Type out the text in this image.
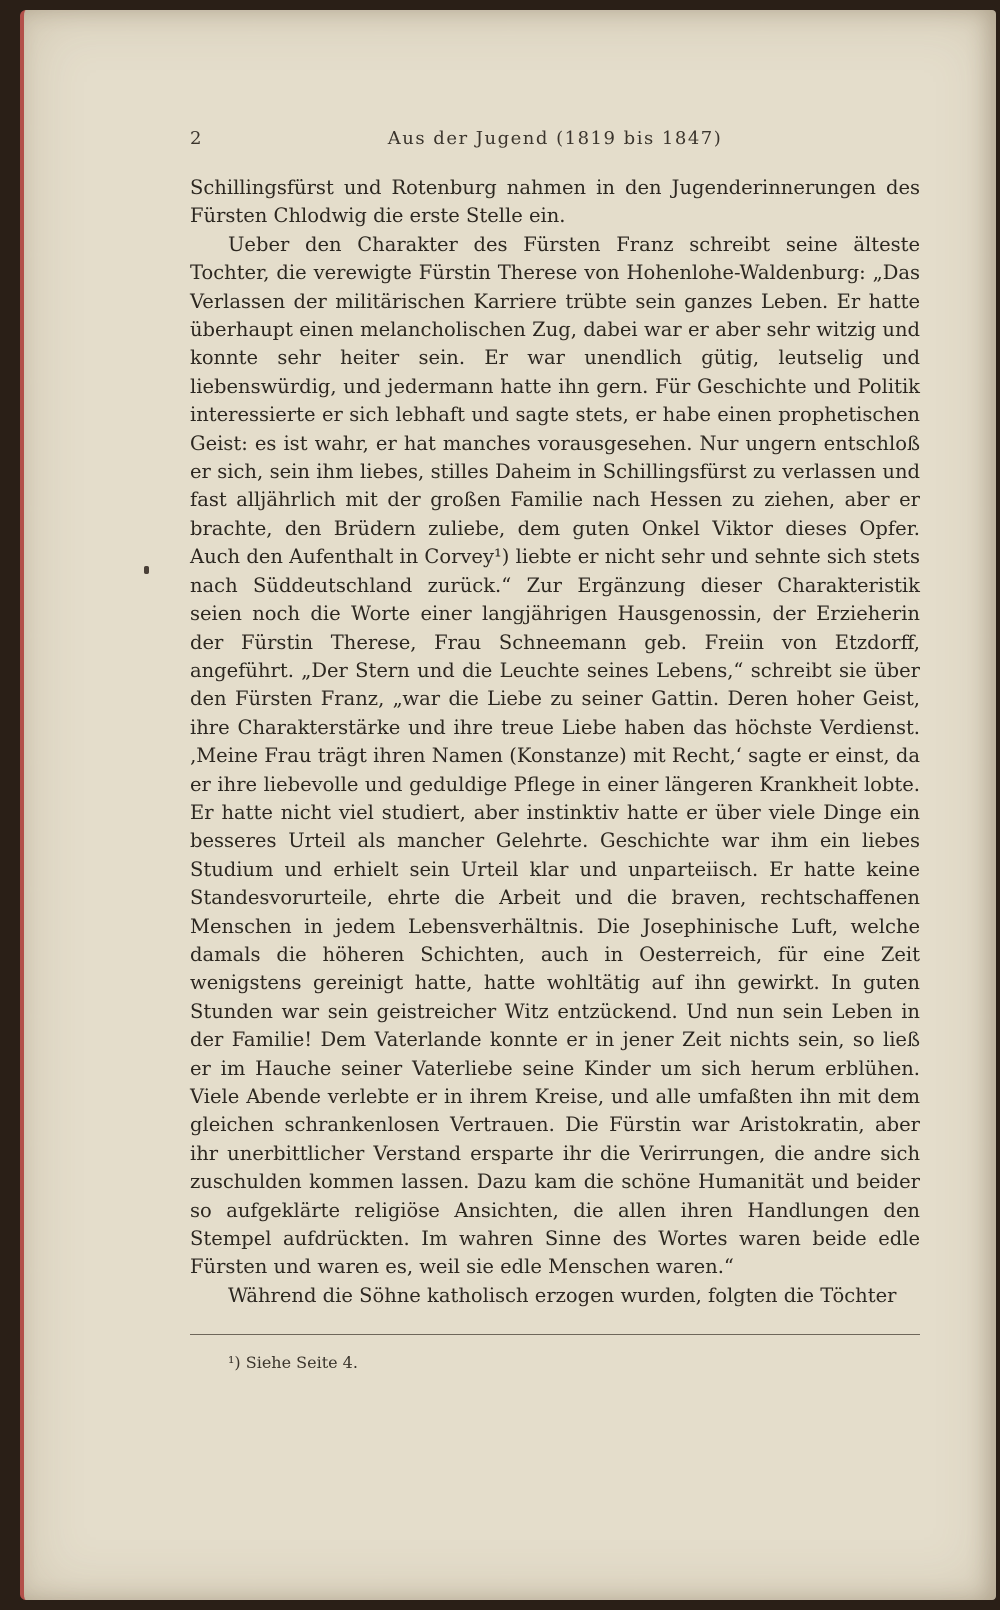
2	Aus der Jugend (1819 bis 1847)

Schillingsfürst und Rotenburg nahmen in den Jugenderinnerungen des Fürsten Chlodwig die erste Stelle ein.

Ueber den Charakter des Fürsten Franz schreibt seine älteste Tochter, die verewigte Fürstin Therese von Hohenlohe-Waldenburg: „Das Verlassen der militärischen Karriere trübte sein ganzes Leben. Er hatte überhaupt einen melancholischen Zug, dabei war er aber sehr witzig und konnte sehr heiter sein. Er war unendlich gütig, leutselig und liebenswürdig, und jedermann hatte ihn gern. Für Geschichte und Politik interessierte er sich lebhaft und sagte stets, er habe einen prophetischen Geist: es ist wahr, er hat manches vorausgesehen. Nur ungern entschloß er sich, sein ihm liebes, stilles Daheim in Schillingsfürst zu verlassen und fast alljährlich mit der großen Familie nach Hessen zu ziehen, aber er brachte, den Brüdern zuliebe, dem guten Onkel Viktor dieses Opfer. Auch den Aufenthalt in Corvey¹) liebte er nicht sehr und sehnte sich stets nach Süddeutschland zurück.“ Zur Ergänzung dieser Charakteristik seien noch die Worte einer langjährigen Hausgenossin, der Erzieherin der Fürstin Therese, Frau Schneemann geb. Freiin von Etzdorff, angeführt. „Der Stern und die Leuchte seines Lebens,“ schreibt sie über den Fürsten Franz, „war die Liebe zu seiner Gattin. Deren hoher Geist, ihre Charakterstärke und ihre treue Liebe haben das höchste Verdienst. ‚Meine Frau trägt ihren Namen (Konstanze) mit Recht,‘ sagte er einst, da er ihre liebevolle und geduldige Pflege in einer längeren Krankheit lobte. Er hatte nicht viel studiert, aber instinktiv hatte er über viele Dinge ein besseres Urteil als mancher Gelehrte. Geschichte war ihm ein liebes Studium und erhielt sein Urteil klar und unparteiisch. Er hatte keine Standesvorurteile, ehrte die Arbeit und die braven, rechtschaffenen Menschen in jedem Lebensverhältnis. Die Josephinische Luft, welche damals die höheren Schichten, auch in Oesterreich, für eine Zeit wenigstens gereinigt hatte, hatte wohltätig auf ihn gewirkt. In guten Stunden war sein geistreicher Witz entzückend. Und nun sein Leben in der Familie! Dem Vaterlande konnte er in jener Zeit nichts sein, so ließ er im Hauche seiner Vaterliebe seine Kinder um sich herum erblühen. Viele Abende verlebte er in ihrem Kreise, und alle umfaßten ihn mit dem gleichen schrankenlosen Vertrauen. Die Fürstin war Aristokratin, aber ihr unerbittlicher Verstand ersparte ihr die Verirrungen, die andre sich zuschulden kommen lassen. Dazu kam die schöne Humanität und beider so aufgeklärte religiöse Ansichten, die allen ihren Handlungen den Stempel aufdrückten. Im wahren Sinne des Wortes waren beide edle Fürsten und waren es, weil sie edle Menschen waren.“

Während die Söhne katholisch erzogen wurden, folgten die Töchter

¹) Siehe Seite 4.
